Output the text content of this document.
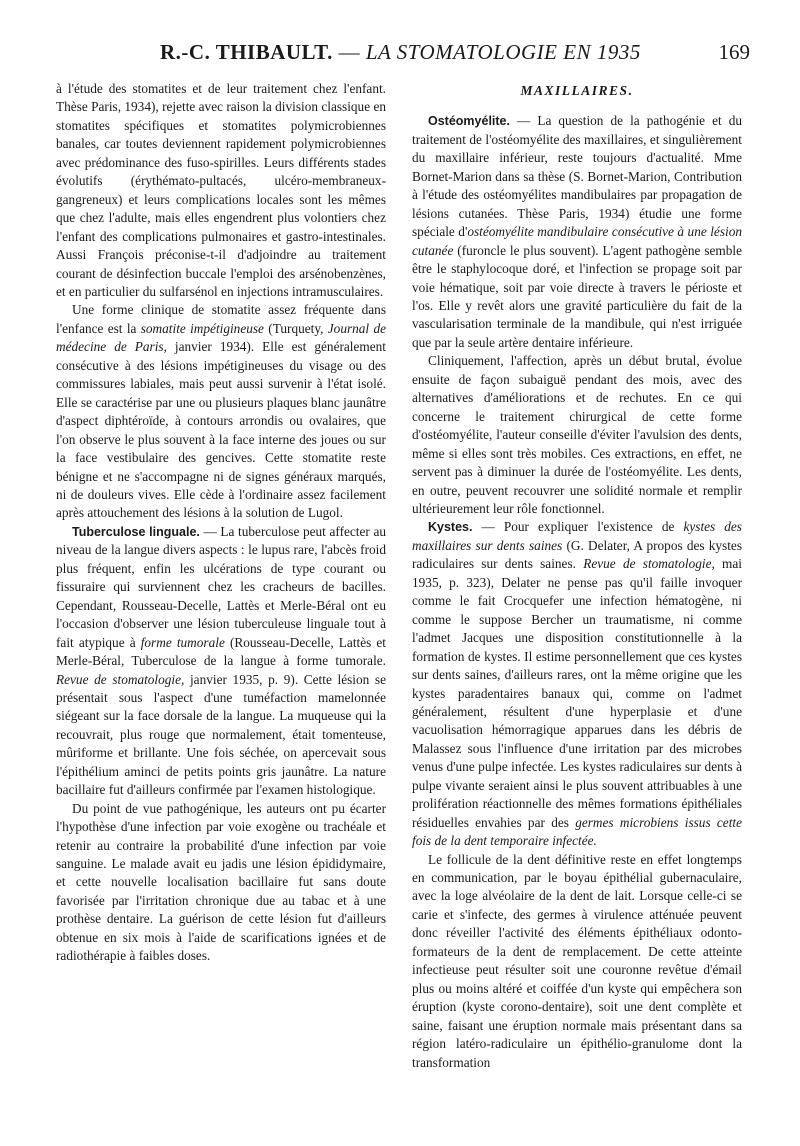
R.-C. THIBAULT. — LA STOMATOLOGIE EN 1935	169

à l'étude des stomatites et de leur traitement chez l'enfant. Thèse Paris, 1934), rejette avec raison la division classique en stomatites spécifiques et stomatites polymicrobiennes banales, car toutes deviennent rapidement polymicrobiennes avec prédominance des fuso-spirilles. Leurs différents stades évolutifs (érythémato-pultacés, ulcéro-membraneux-gangreneux) et leurs complications locales sont les mêmes que chez l'adulte, mais elles engendrent plus volontiers chez l'enfant des complications pulmonaires et gastro-intestinales. Aussi François préconise-t-il d'adjoindre au traitement courant de désinfection buccale l'emploi des arsénobenzènes, et en particulier du sulfarsénol en injections intramusculaires.

Une forme clinique de stomatite assez fréquente dans l'enfance est la somatite impétigineuse (Turquety, Journal de médecine de Paris, janvier 1934). Elle est généralement consécutive à des lésions impétigineuses du visage ou des commissures labiales, mais peut aussi survenir à l'état isolé. Elle se caractérise par une ou plusieurs plaques blanc jaunâtre d'aspect diphtéroïde, à contours arrondis ou ovalaires, que l'on observe le plus souvent à la face interne des joues ou sur la face vestibulaire des gencives. Cette stomatite reste bénigne et ne s'accompagne ni de signes généraux marqués, ni de douleurs vives. Elle cède à l'ordinaire assez facilement après attouchement des lésions à la solution de Lugol.

Tuberculose linguale. — La tuberculose peut affecter au niveau de la langue divers aspects : le lupus rare, l'abcès froid plus fréquent, enfin les ulcérations de type courant ou fissuraire qui surviennent chez les cracheurs de bacilles. Cependant, Rousseau-Decelle, Lattès et Merle-Béral ont eu l'occasion d'observer une lésion tuberculeuse linguale tout à fait atypique à forme tumorale (Rousseau-Decelle, Lattès et Merle-Béral, Tuberculose de la langue à forme tumorale. Revue de stomatologie, janvier 1935, p. 9). Cette lésion se présentait sous l'aspect d'une tuméfaction mamelonnée siégeant sur la face dorsale de la langue. La muqueuse qui la recouvrait, plus rouge que normalement, était tomenteuse, mûriforme et brillante. Une fois séchée, on apercevait sous l'épithélium aminci de petits points gris jaunâtre. La nature bacillaire fut d'ailleurs confirmée par l'examen histologique.

Du point de vue pathogénique, les auteurs ont pu écarter l'hypothèse d'une infection par voie exogène ou trachéale et retenir au contraire la probabilité d'une infection par voie sanguine. Le malade avait eu jadis une lésion épididymaire, et cette nouvelle localisation bacillaire fut sans doute favorisée par l'irritation chronique due au tabac et à une prothèse dentaire. La guérison de cette lésion fut d'ailleurs obtenue en six mois à l'aide de scarifications ignées et de radiothérapie à faibles doses.

MAXILLAIRES.

Ostéomyélite. — La question de la pathogénie et du traitement de l'ostéomyélite des maxillaires, et singulièrement du maxillaire inférieur, reste toujours d'actualité. Mme Bornet-Marion dans sa thèse (S. Bornet-Marion, Contribution à l'étude des ostéomyélites mandibulaires par propagation de lésions cutanées. Thèse Paris, 1934) étudie une forme spéciale d'ostéomyélite mandibulaire consécutive à une lésion cutanée (furoncle le plus souvent). L'agent pathogène semble être le staphylocoque doré, et l'infection se propage soit par voie hématique, soit par voie directe à travers le périoste et l'os. Elle y revêt alors une gravité particulière du fait de la vascularisation terminale de la mandibule, qui n'est irriguée que par la seule artère dentaire inférieure.

Cliniquement, l'affection, après un début brutal, évolue ensuite de façon subaiguë pendant des mois, avec des alternatives d'améliorations et de rechutes. En ce qui concerne le traitement chirurgical de cette forme d'ostéomyélite, l'auteur conseille d'éviter l'avulsion des dents, même si elles sont très mobiles. Ces extractions, en effet, ne servent pas à diminuer la durée de l'ostéomyélite. Les dents, en outre, peuvent recouvrer une solidité normale et remplir ultérieurement leur rôle fonctionnel.

Kystes. — Pour expliquer l'existence de kystes des maxillaires sur dents saines (G. Delater, A propos des kystes radiculaires sur dents saines. Revue de stomatologie, mai 1935, p. 323), Delater ne pense pas qu'il faille invoquer comme le fait Crocquefer une infection hématogène, ni comme le suppose Bercher un traumatisme, ni comme l'admet Jacques une disposition constitutionnelle à la formation de kystes. Il estime personnellement que ces kystes sur dents saines, d'ailleurs rares, ont la même origine que les kystes paradentaires banaux qui, comme on l'admet généralement, résultent d'une hyperplasie et d'une vacuolisation hémorragique apparues dans les débris de Malassez sous l'influence d'une irritation par des microbes venus d'une pulpe infectée. Les kystes radiculaires sur dents à pulpe vivante seraient ainsi le plus souvent attribuables à une prolifération réactionnelle des mêmes formations épithéliales résiduelles envahies par des germes microbiens issus cette fois de la dent temporaire infectée.

Le follicule de la dent définitive reste en effet longtemps en communication, par le boyau épithélial gubernaculaire, avec la loge alvéolaire de la dent de lait. Lorsque celle-ci se carie et s'infecte, des germes à virulence atténuée peuvent donc réveiller l'activité des éléments épithéliaux odonto-formateurs de la dent de remplacement. De cette atteinte infectieuse peut résulter soit une couronne revêtue d'émail plus ou moins altéré et coiffée d'un kyste qui empêchera son éruption (kyste corono-dentaire), soit une dent complète et saine, faisant une éruption normale mais présentant dans sa région latéro-radiculaire un épithélio-granulome dont la transformation
